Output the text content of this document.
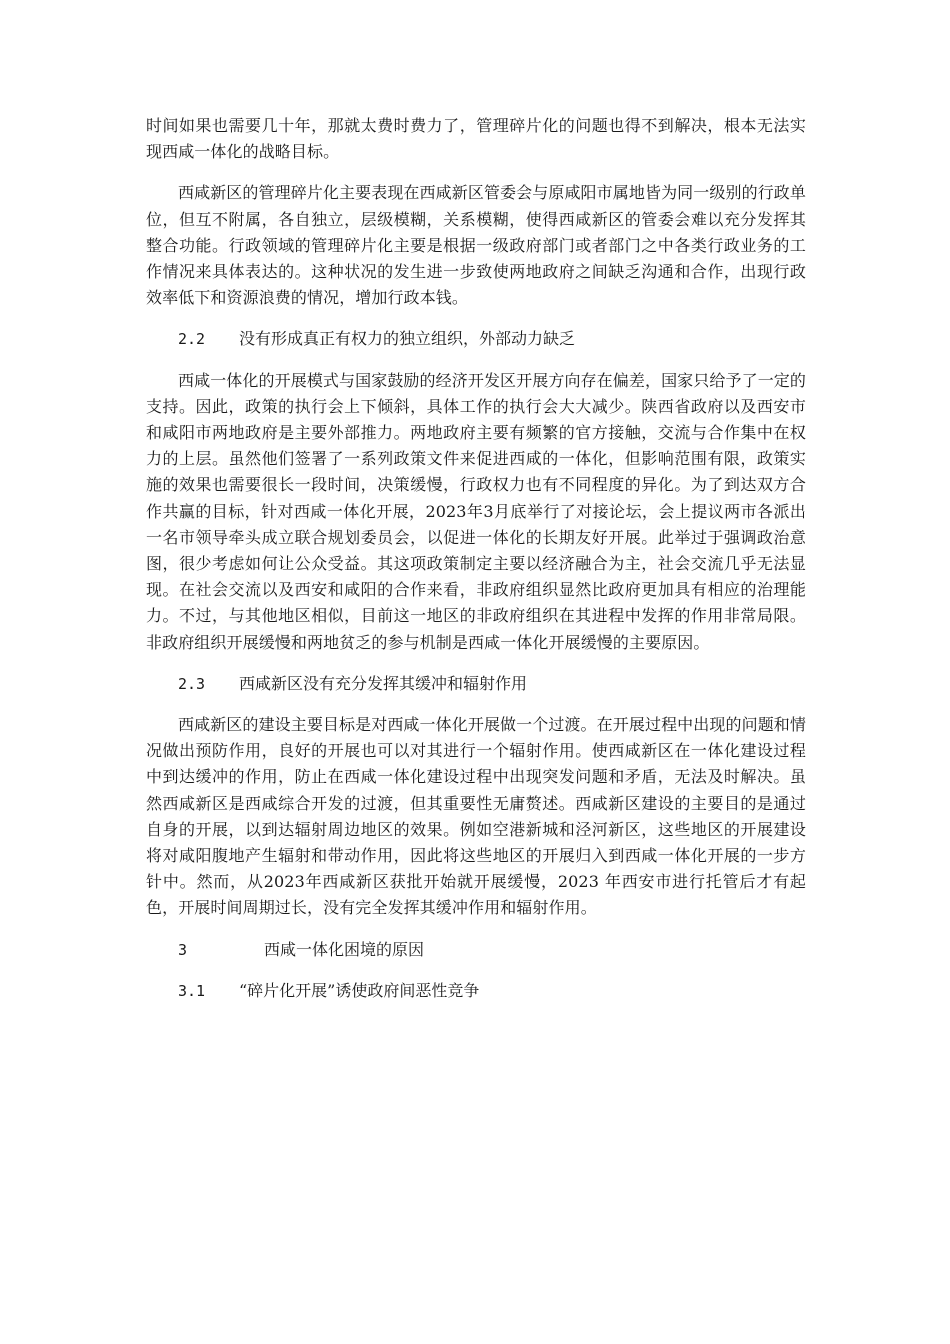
时间如果也需要几十年，那就太费时费力了，管理碎片化的问题也得不到解决，根本无法实现西咸一体化的战略目标。

西咸新区的管理碎片化主要表现在西咸新区管委会与原咸阳市属地皆为同一级别的行政单位，但互不附属，各自独立，层级模糊，关系模糊，使得西咸新区的管委会难以充分发挥其整合功能。行政领域的管理碎片化主要是根据一级政府部门或者部门之中各类行政业务的工作情况来具体表达的。这种状况的发生进一步致使两地政府之间缺乏沟通和合作，出现行政效率低下和资源浪费的情况，增加行政本钱。

2.2 没有形成真正有权力的独立组织，外部动力缺乏

西咸一体化的开展模式与国家鼓励的经济开发区开展方向存在偏差，国家只给予了一定的支持。因此，政策的执行会上下倾斜，具体工作的执行会大大减少。陕西省政府以及西安市和咸阳市两地政府是主要外部推力。两地政府主要有频繁的官方接触，交流与合作集中在权力的上层。虽然他们签署了一系列政策文件来促进西咸的一体化，但影响范围有限，政策实施的效果也需要很长一段时间，决策缓慢，行政权力也有不同程度的异化。为了到达双方合作共赢的目标，针对西咸一体化开展，2023年3月底举行了对接论坛，会上提议两市各派出一名市领导牵头成立联合规划委员会，以促进一体化的长期友好开展。此举过于强调政治意图，很少考虑如何让公众受益。其这项政策制定主要以经济融合为主，社会交流几乎无法显现。在社会交流以及西安和咸阳的合作来看，非政府组织显然比政府更加具有相应的治理能力。不过，与其他地区相似，目前这一地区的非政府组织在其进程中发挥的作用非常局限。非政府组织开展缓慢和两地贫乏的参与机制是西咸一体化开展缓慢的主要原因。

2.3 西咸新区没有充分发挥其缓冲和辐射作用

西咸新区的建设主要目标是对西咸一体化开展做一个过渡。在开展过程中出现的问题和情况做出预防作用，良好的开展也可以对其进行一个辐射作用。使西咸新区在一体化建设过程中到达缓冲的作用，防止在西咸一体化建设过程中出现突发问题和矛盾，无法及时解决。虽然西咸新区是西咸综合开发的过渡，但其重要性无庸赘述。西咸新区建设的主要目的是通过自身的开展，以到达辐射周边地区的效果。例如空港新城和泾河新区，这些地区的开展建设将对咸阳腹地产生辐射和带动作用，因此将这些地区的开展归入到西咸一体化开展的一步方针中。然而，从2023年西咸新区获批开始就开展缓慢，2023 年西安市进行托管后才有起色，开展时间周期过长，没有完全发挥其缓冲作用和辐射作用。

3	西咸一体化困境的原因

3.1 “碎片化开展”诱使政府间恶性竞争
